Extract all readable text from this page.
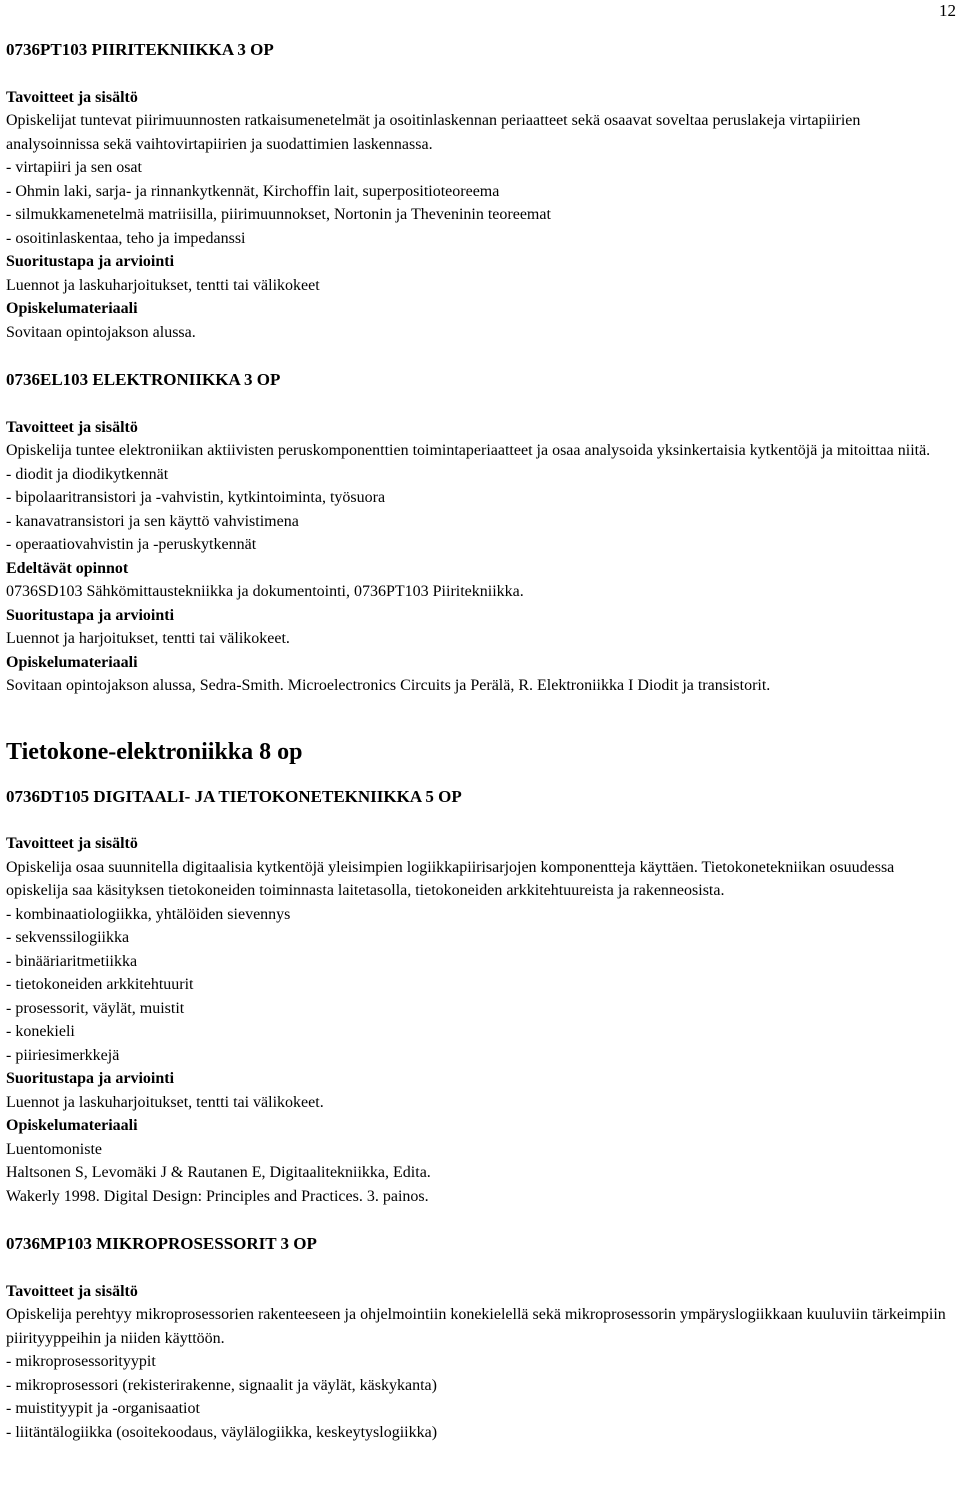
12
0736PT103 PIIRITEKNIIKKA 3 OP
Tavoitteet ja sisältö

Opiskelijat tuntevat piirimuunnosten ratkaisumenetelmät ja osoitinlaskennan periaatteet sekä osaavat soveltaa peruslakeja virtapiirien analysoinnissa sekä vaihtovirtapiirien ja suodattimien laskennassa.

- virtapiiri ja sen osat

- Ohmin laki, sarja- ja rinnankytkennät, Kirchoffin lait, superpositioteoreema

- silmukkamenetelmä matriisilla, piirimuunnokset, Nortonin ja Theveninin teoreemat

- osoitinlaskentaa, teho ja impedanssi

Suoritustapa ja arviointi

Luennot ja laskuharjoitukset, tentti tai välikokeet

Opiskelumateriaali

Sovitaan opintojakson alussa.

0736EL103 ELEKTRONIIKKA 3 OP
Tavoitteet ja sisältö

Opiskelija tuntee elektroniikan aktiivisten peruskomponenttien toimintaperiaatteet ja osaa analysoida yksinkertaisia kytkentöjä ja mitoittaa niitä.

- diodit ja diodikytkennät

- bipolaaritransistori ja -vahvistin, kytkintoiminta, työsuora

- kanavatransistori ja sen käyttö vahvistimena

- operaatiovahvistin ja -peruskytkennät

Edeltävät opinnot

0736SD103 Sähkömittaustekniikka ja dokumentointi, 0736PT103 Piiritekniikka.

Suoritustapa ja arviointi

Luennot ja harjoitukset, tentti tai välikokeet.

Opiskelumateriaali

Sovitaan opintojakson alussa, Sedra-Smith. Microelectronics Circuits ja Perälä, R. Elektroniikka I Diodit ja transistorit.

Tietokone-elektroniikka 8 op
0736DT105 DIGITAALI- JA TIETOKONETEKNIIKKA 5 OP
Tavoitteet ja sisältö

Opiskelija osaa suunnitella digitaalisia kytkentöjä yleisimpien logiikkapiirisarjojen komponentteja käyttäen. Tietokonetekniikan osuudessa opiskelija saa käsityksen tietokoneiden toiminnasta laitetasolla, tietokoneiden arkkitehtuureista ja rakenneosista.

- kombinaatiologiikka, yhtälöiden sievennys

- sekvenssilogiikka

- binääriaritmetiikka

- tietokoneiden arkkitehtuurit

- prosessorit, väylät, muistit

- konekieli

- piiriesimerkkejä

Suoritustapa ja arviointi

Luennot ja laskuharjoitukset, tentti tai välikokeet.

Opiskelumateriaali

Luentomoniste

Haltsonen S, Levomäki J & Rautanen E, Digitaalitekniikka, Edita.

Wakerly 1998. Digital Design: Principles and Practices. 3. painos.

0736MP103 MIKROPROSESSORIT 3 OP
Tavoitteet ja sisältö

Opiskelija perehtyy mikroprosessorien rakenteeseen ja ohjelmointiin konekielellä sekä mikroprosessorin ympäryslogiikkaan kuuluviin tärkeimpiin piirityyppeihin ja niiden käyttöön.

- mikroprosessorityypit

- mikroprosessori (rekisterirakenne, signaalit ja väylät, käskykanta)

- muistityypit ja -organisaatiot

- liitäntälogiikka (osoitekoodaus, väylälogiikka, keskeytyslogiikka)
